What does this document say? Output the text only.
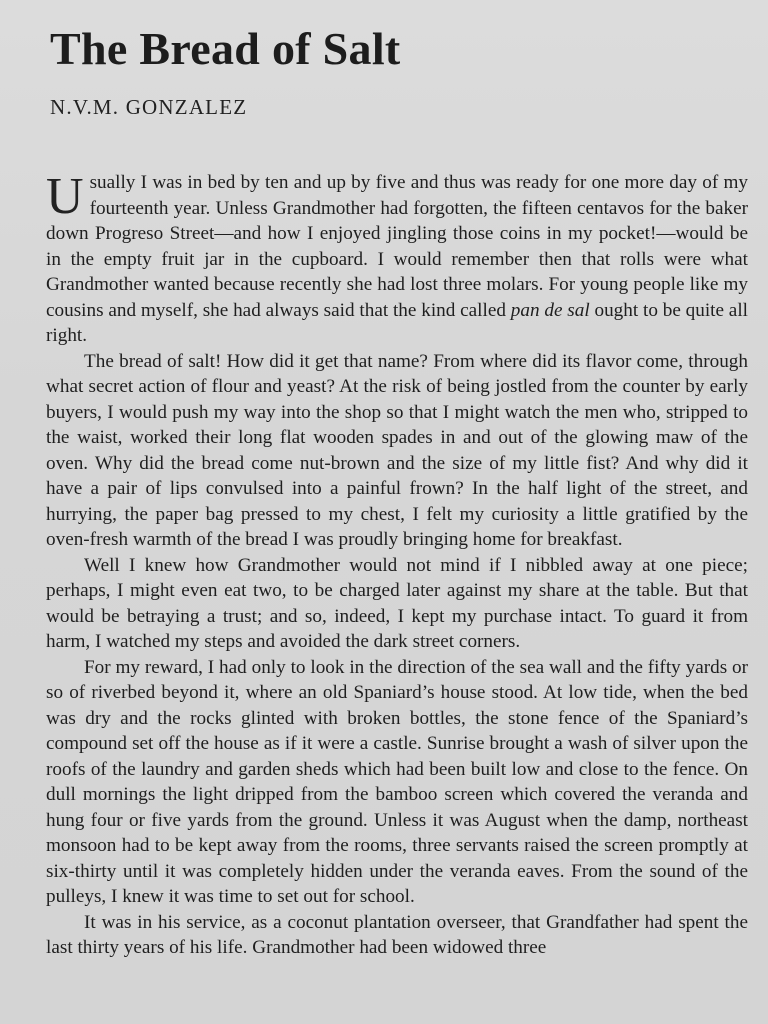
The Bread of Salt
N.V.M. GONZALEZ

Usually I was in bed by ten and up by five and thus was ready for one more day of my fourteenth year. Unless Grandmother had forgotten, the fifteen centavos for the baker down Progreso Street—and how I enjoyed jingling those coins in my pocket!—would be in the empty fruit jar in the cupboard. I would remember then that rolls were what Grandmother wanted because recently she had lost three molars. For young people like my cousins and myself, she had always said that the kind called pan de sal ought to be quite all right.

The bread of salt! How did it get that name? From where did its flavor come, through what secret action of flour and yeast? At the risk of being jostled from the counter by early buyers, I would push my way into the shop so that I might watch the men who, stripped to the waist, worked their long flat wooden spades in and out of the glowing maw of the oven. Why did the bread come nut-brown and the size of my little fist? And why did it have a pair of lips convulsed into a painful frown? In the half light of the street, and hurrying, the paper bag pressed to my chest, I felt my curiosity a little gratified by the oven-fresh warmth of the bread I was proudly bringing home for breakfast.

Well I knew how Grandmother would not mind if I nibbled away at one piece; perhaps, I might even eat two, to be charged later against my share at the table. But that would be betraying a trust; and so, indeed, I kept my purchase intact. To guard it from harm, I watched my steps and avoided the dark street corners.

For my reward, I had only to look in the direction of the sea wall and the fifty yards or so of riverbed beyond it, where an old Spaniard’s house stood. At low tide, when the bed was dry and the rocks glinted with broken bottles, the stone fence of the Spaniard’s compound set off the house as if it were a castle. Sunrise brought a wash of silver upon the roofs of the laundry and garden sheds which had been built low and close to the fence. On dull mornings the light dripped from the bamboo screen which covered the veranda and hung four or five yards from the ground. Unless it was August when the damp, northeast monsoon had to be kept away from the rooms, three servants raised the screen promptly at six-thirty until it was completely hidden under the veranda eaves. From the sound of the pulleys, I knew it was time to set out for school.

It was in his service, as a coconut plantation overseer, that Grandfather had spent the last thirty years of his life. Grandmother had been widowed three
